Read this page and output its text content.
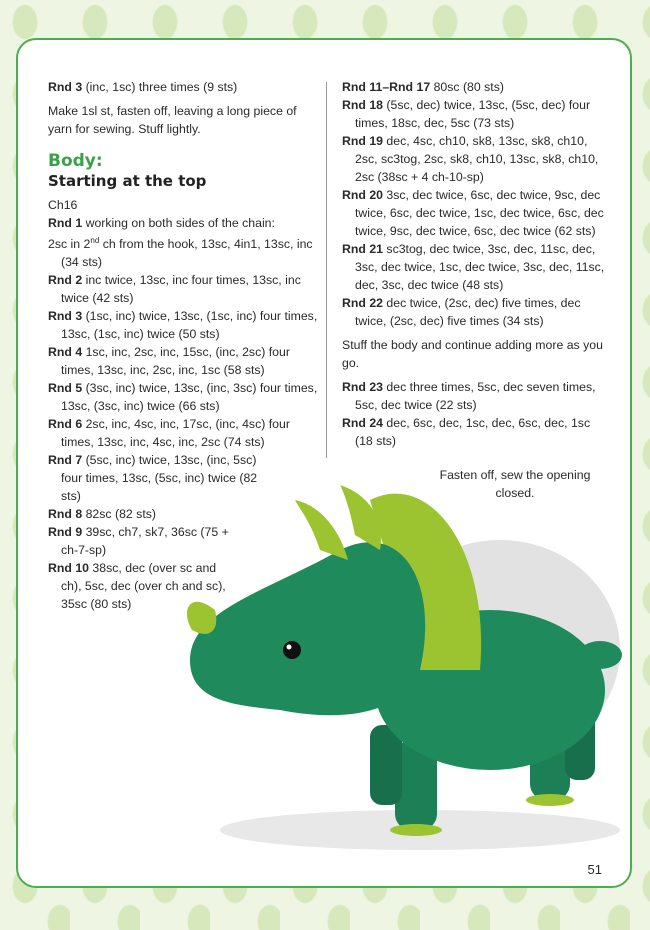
Rnd 3 (inc, 1sc) three times (9 sts)

Make 1sl st, fasten off, leaving a long piece of yarn for sewing. Stuff lightly.

Body:
Starting at the top

Ch16

Rnd 1 working on both sides of the chain:

2sc in 2nd ch from the hook, 13sc, 4in1, 13sc, inc (34 sts)

Rnd 2 inc twice, 13sc, inc four times, 13sc, inc twice (42 sts)

Rnd 3 (1sc, inc) twice, 13sc, (1sc, inc) four times, 13sc, (1sc, inc) twice (50 sts)

Rnd 4 1sc, inc, 2sc, inc, 15sc, (inc, 2sc) four times, 13sc, inc, 2sc, inc, 1sc (58 sts)

Rnd 5 (3sc, inc) twice, 13sc, (inc, 3sc) four times, 13sc, (3sc, inc) twice (66 sts)

Rnd 6 2sc, inc, 4sc, inc, 17sc, (inc, 4sc) four times, 13sc, inc, 4sc, inc, 2sc (74 sts)

Rnd 7 (5sc, inc) twice, 13sc, (inc, 5sc) four times, 13sc, (5sc, inc) twice (82 sts)

Rnd 8 82sc (82 sts)

Rnd 9 39sc, ch7, sk7, 36sc (75 + ch-7-sp)

Rnd 10 38sc, dec (over sc and ch), 5sc, dec (over ch and sc), 35sc (80 sts)

Rnd 11–Rnd 17 80sc (80 sts)

Rnd 18 (5sc, dec) twice, 13sc, (5sc, dec) four times, 18sc, dec, 5sc (73 sts)

Rnd 19 dec, 4sc, ch10, sk8, 13sc, sk8, ch10, 2sc, sc3tog, 2sc, sk8, ch10, 13sc, sk8, ch10, 2sc (38sc + 4 ch-10-sp)

Rnd 20 3sc, dec twice, 6sc, dec twice, 9sc, dec twice, 6sc, dec twice, 1sc, dec twice, 6sc, dec twice, 9sc, dec twice, 6sc, dec twice (62 sts)

Rnd 21 sc3tog, dec twice, 3sc, dec, 11sc, dec, 3sc, dec twice, 1sc, dec twice, 3sc, dec, 11sc, dec, 3sc, dec twice (48 sts)

Rnd 22 dec twice, (2sc, dec) five times, dec twice, (2sc, dec) five times (34 sts)

Stuff the body and continue adding more as you go.

Rnd 23 dec three times, 5sc, dec seven times, 5sc, dec twice (22 sts)

Rnd 24 dec, 6sc, dec, 1sc, dec, 6sc, dec, 1sc (18 sts)

Fasten off, sew the opening closed.
51
